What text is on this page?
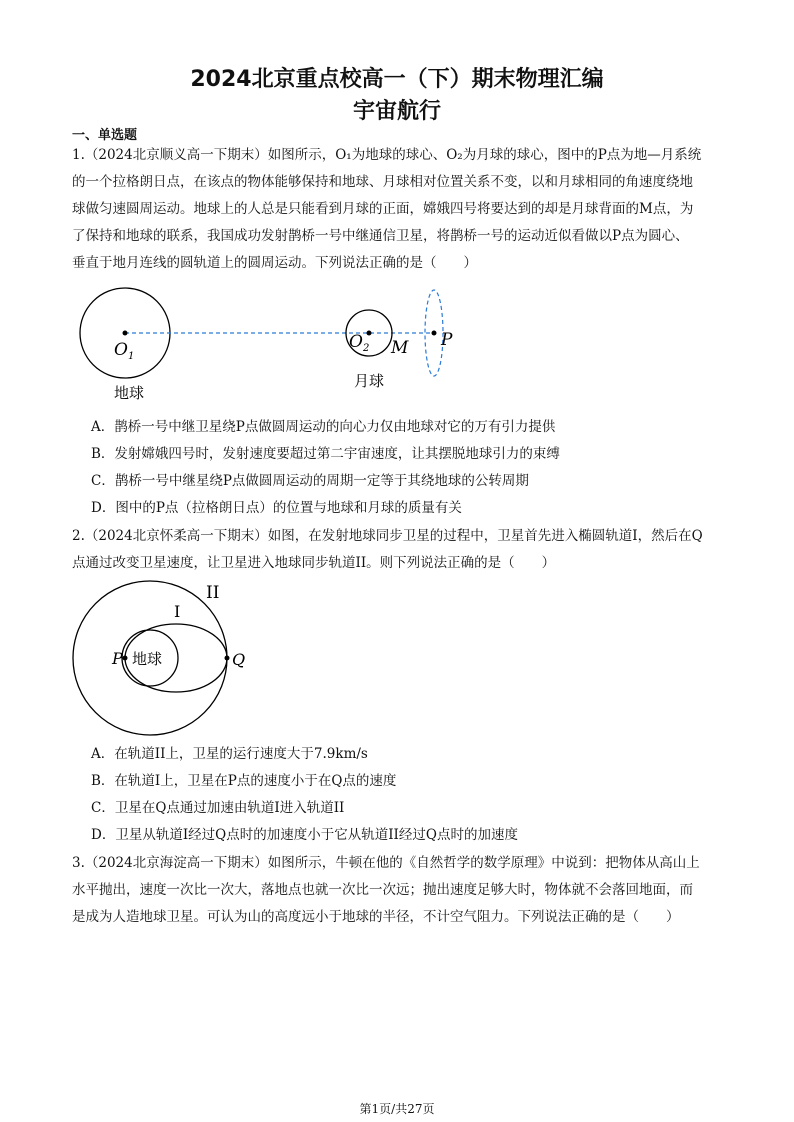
2024北京重点校高一（下）期末物理汇编
宇宙航行
一、单选题
1.（2024北京顺义高一下期末）如图所示，O₁为地球的球心、O₂为月球的球心，图中的P点为地—月系统
的一个拉格朗日点，在该点的物体能够保持和地球、月球相对位置关系不变，以和月球相同的角速度绕地
球做匀速圆周运动。地球上的人总是只能看到月球的正面，嫦娥四号将要达到的却是月球背面的M点，为
了保持和地球的联系，我国成功发射鹊桥一号中继通信卫星，将鹊桥一号的运动近似看做以P点为圆心、
垂直于地月连线的圆轨道上的圆周运动。下列说法正确的是（　　）
$O_1$
$O_2$ M P
地球
月球
A．鹊桥一号中继卫星绕P点做圆周运动的向心力仅由地球对它的万有引力提供
B．发射嫦娥四号时，发射速度要超过第二宇宙速度，让其摆脱地球引力的束缚
C．鹊桥一号中继星绕P点做圆周运动的周期一定等于其绕地球的公转周期
D．图中的P点（拉格朗日点）的位置与地球和月球的质量有关
2.（2024北京怀柔高一下期末）如图，在发射地球同步卫星的过程中，卫星首先进入椭圆轨道I，然后在Q
点通过改变卫星速度，让卫星进入地球同步轨道II。则下列说法正确的是（　　）
II
I
P	Q
地球
A．在轨道II上，卫星的运行速度大于7.9km/s
B．在轨道I上，卫星在P点的速度小于在Q点的速度
C．卫星在Q点通过加速由轨道I进入轨道II
D．卫星从轨道I经过Q点时的加速度小于它从轨道II经过Q点时的加速度
3.（2024北京海淀高一下期末）如图所示，牛顿在他的《自然哲学的数学原理》中说到：把物体从高山上
水平抛出，速度一次比一次大，落地点也就一次比一次远；抛出速度足够大时，物体就不会落回地面，而
是成为人造地球卫星。可认为山的高度远小于地球的半径，不计空气阻力。下列说法正确的是（　　）
第1页/共27页
